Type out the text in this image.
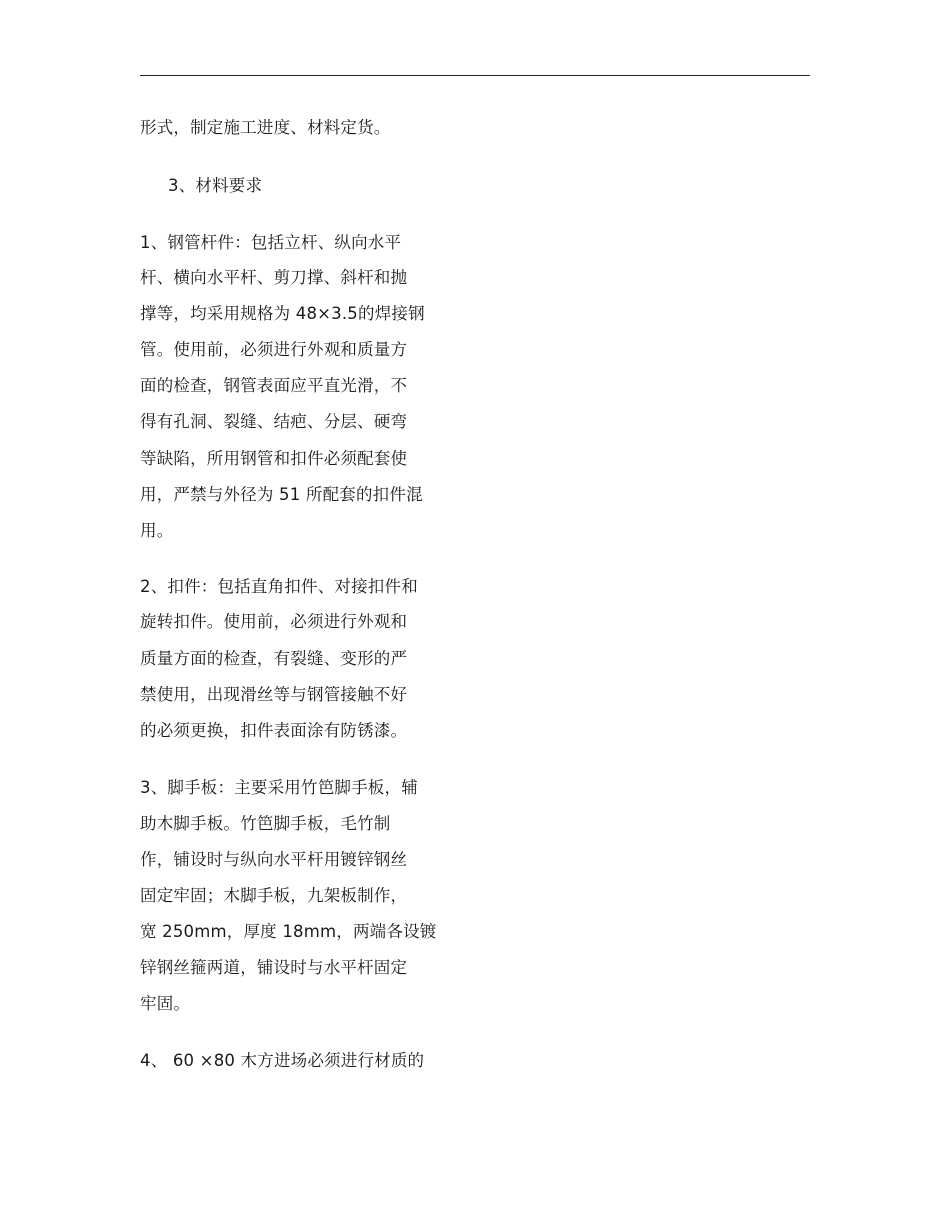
形式，制定施工进度、材料定货。
3、材料要求
1、钢管杆件：包括立杆、纵向水平
杆、横向水平杆、剪刀撑、斜杆和抛
撑等，均采用规格为 48×3.5的焊接钢
管。使用前，必须进行外观和质量方
面的检查，钢管表面应平直光滑，不
得有孔洞、裂缝、结疤、分层、硬弯
等缺陷，所用钢管和扣件必须配套使
用，严禁与外径为 51 所配套的扣件混
用。
2、扣件：包括直角扣件、对接扣件和
旋转扣件。使用前，必须进行外观和
质量方面的检查，有裂缝、变形的严
禁使用，出现滑丝等与钢管接触不好
的必须更换，扣件表面涂有防锈漆。
3、脚手板：主要采用竹笆脚手板，辅
助木脚手板。竹笆脚手板，毛竹制
作，铺设时与纵向水平杆用镀锌钢丝
固定牢固；木脚手板，九架板制作，
宽 250mm，厚度 18mm，两端各设镀
锌钢丝箍两道，铺设时与水平杆固定
牢固。
4、 60 ×80 木方进场必须进行材质的
